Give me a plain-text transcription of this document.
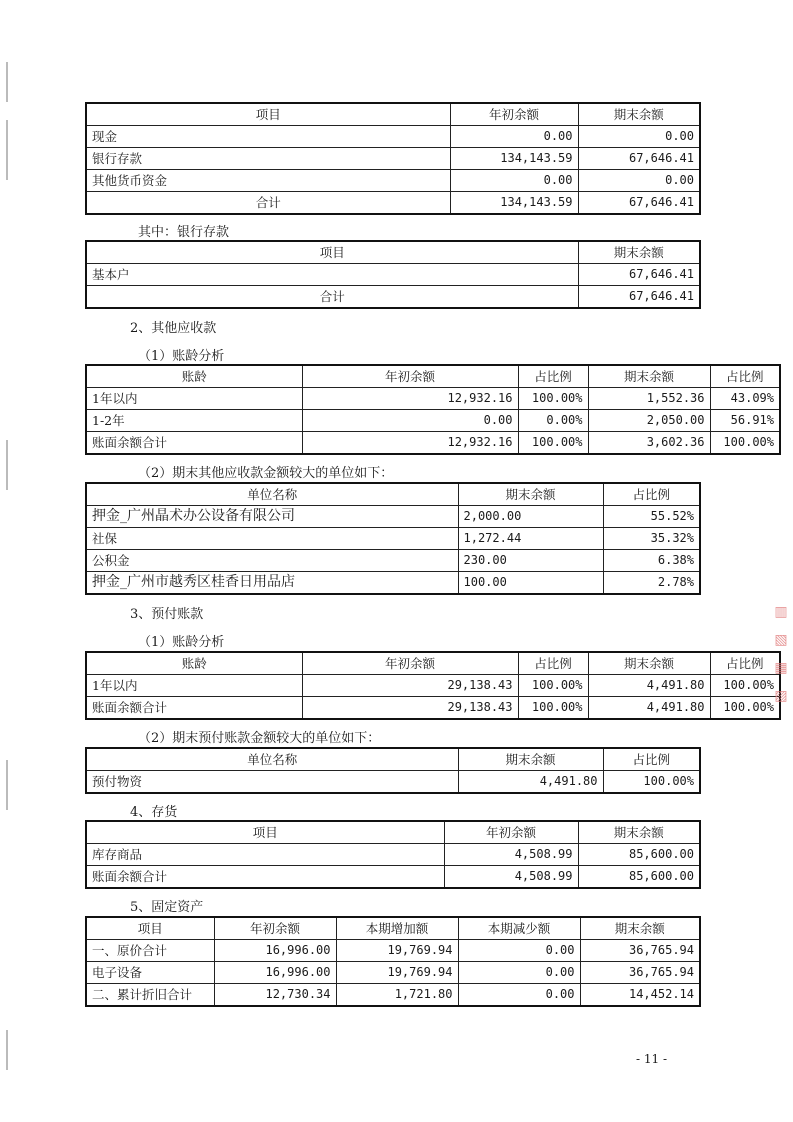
项目	年初余额	期末余额
现金	0.00	0.00
银行存款	134,143.59	67,646.41
其他货币资金	0.00	0.00
合计	134,143.59	67,646.41
其中：银行存款
项目	期末余额
基本户	67,646.41
合计	67,646.41
2、其他应收款
（1）账龄分析
账龄	年初余额	占比例	期末余额	占比例
1年以内	12,932.16	100.00%	1,552.36	43.09%
1-2年	0.00	0.00%	2,050.00	56.91%
账面余额合计	12,932.16	100.00%	3,602.36	100.00%
（2）期末其他应收款金额较大的单位如下：
单位名称	期末余额	占比例
押金_广州晶术办公设备有限公司	2,000.00	55.52%
社保	1,272.44	35.32%
公积金	230.00	6.38%
押金_广州市越秀区桂香日用品店	100.00	2.78%
3、预付账款
（1）账龄分析
账龄	年初余额	占比例	期末余额	占比例
1年以内	29,138.43	100.00%	4,491.80	100.00%
账面余额合计	29,138.43	100.00%	4,491.80	100.00%
（2）期末预付账款金额较大的单位如下：
单位名称	期末余额	占比例
预付物资	4,491.80	100.00%
4、存货
项目	年初余额	期末余额
库存商品	4,508.99	85,600.00
账面余额合计	4,508.99	85,600.00
5、固定资产
项目	年初余额	本期增加额	本期减少额	期末余额
一、原价合计	16,996.00	19,769.94	0.00	36,765.94
电子设备	16,996.00	19,769.94	0.00	36,765.94
二、累计折旧合计	12,730.34	1,721.80	0.00	14,452.14
▥
▧
▦
▨
- 11 -
